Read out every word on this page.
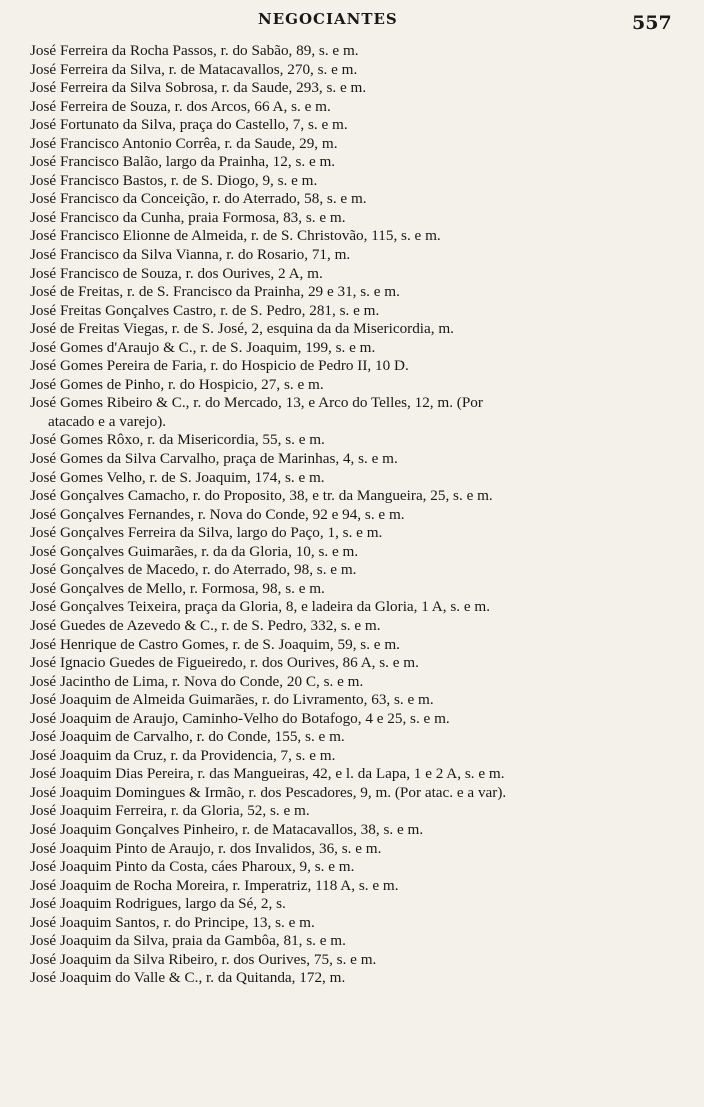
NEGOCIANTES	557
José Ferreira da Rocha Passos, r. do Sabão, 89, s. e m.
José Ferreira da Silva, r. de Matacavallos, 270, s. e m.
José Ferreira da Silva Sobrosa, r. da Saude, 293, s. e m.
José Ferreira de Souza, r. dos Arcos, 66 A, s. e m.
José Fortunato da Silva, praça do Castello, 7, s. e m.
José Francisco Antonio Corrêa, r. da Saude, 29, m.
José Francisco Balão, largo da Prainha, 12, s. e m.
José Francisco Bastos, r. de S. Diogo, 9, s. e m.
José Francisco da Conceição, r. do Aterrado, 58, s. e m.
José Francisco da Cunha, praia Formosa, 83, s. e m.
José Francisco Elionne de Almeida, r. de S. Christovão, 115, s. e m.
José Francisco da Silva Vianna, r. do Rosario, 71, m.
José Francisco de Souza, r. dos Ourives, 2 A, m.
José de Freitas, r. de S. Francisco da Prainha, 29 e 31, s. e m.
José Freitas Gonçalves Castro, r. de S. Pedro, 281, s. e m.
José de Freitas Viegas, r. de S. José, 2, esquina da da Misericordia, m.
José Gomes d'Araujo & C., r. de S. Joaquim, 199, s. e m.
José Gomes Pereira de Faria, r. do Hospicio de Pedro II, 10 D.
José Gomes de Pinho, r. do Hospicio, 27, s. e m.
José Gomes Ribeiro & C., r. do Mercado, 13, e Arco do Telles, 12, m. (Por
atacado e a varejo).
José Gomes Rôxo, r. da Misericordia, 55, s. e m.
José Gomes da Silva Carvalho, praça de Marinhas, 4, s. e m.
José Gomes Velho, r. de S. Joaquim, 174, s. e m.
José Gonçalves Camacho, r. do Proposito, 38, e tr. da Mangueira, 25, s. e m.
José Gonçalves Fernandes, r. Nova do Conde, 92 e 94, s. e m.
José Gonçalves Ferreira da Silva, largo do Paço, 1, s. e m.
José Gonçalves Guimarães, r. da da Gloria, 10, s. e m.
José Gonçalves de Macedo, r. do Aterrado, 98, s. e m.
José Gonçalves de Mello, r. Formosa, 98, s. e m.
José Gonçalves Teixeira, praça da Gloria, 8, e ladeira da Gloria, 1 A, s. e m.
José Guedes de Azevedo & C., r. de S. Pedro, 332, s. e m.
José Henrique de Castro Gomes, r. de S. Joaquim, 59, s. e m.
José Ignacio Guedes de Figueiredo, r. dos Ourives, 86 A, s. e m.
José Jacintho de Lima, r. Nova do Conde, 20 C, s. e m.
José Joaquim de Almeida Guimarães, r. do Livramento, 63, s. e m.
José Joaquim de Araujo, Caminho-Velho do Botafogo, 4 e 25, s. e m.
José Joaquim de Carvalho, r. do Conde, 155, s. e m.
José Joaquim da Cruz, r. da Providencia, 7, s. e m.
José Joaquim Dias Pereira, r. das Mangueiras, 42, e l. da Lapa, 1 e 2 A, s. e m.
José Joaquim Domingues & Irmão, r. dos Pescadores, 9, m. (Por atac. e a var).
José Joaquim Ferreira, r. da Gloria, 52, s. e m.
José Joaquim Gonçalves Pinheiro, r. de Matacavallos, 38, s. e m.
José Joaquim Pinto de Araujo, r. dos Invalidos, 36, s. e m.
José Joaquim Pinto da Costa, cáes Pharoux, 9, s. e m.
José Joaquim de Rocha Moreira, r. Imperatriz, 118 A, s. e m.
José Joaquim Rodrigues, largo da Sé, 2, s.
José Joaquim Santos, r. do Principe, 13, s. e m.
José Joaquim da Silva, praia da Gambôa, 81, s. e m.
José Joaquim da Silva Ribeiro, r. dos Ourives, 75, s. e m.
José Joaquim do Valle & C., r. da Quitanda, 172, m.
